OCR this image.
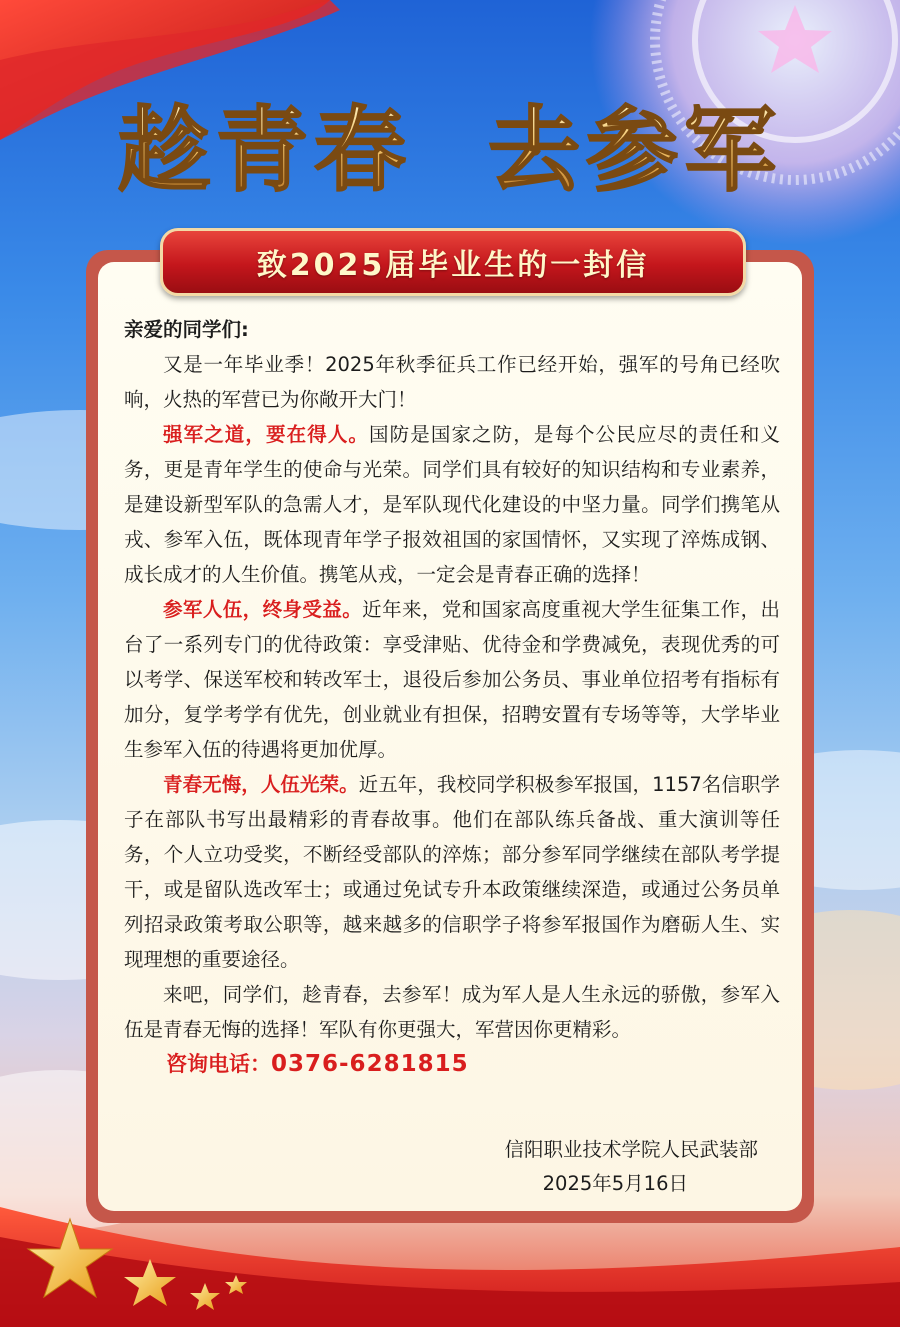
趁青春  去参军
致2025届毕业生的一封信

亲爱的同学们:

又是一年毕业季！2025年秋季征兵工作已经开始，强军的号角已经吹响，火热的军营已为你敞开大门！

强军之道，要在得人。国防是国家之防，是每个公民应尽的责任和义务，更是青年学生的使命与光荣。同学们具有较好的知识结构和专业素养，是建设新型军队的急需人才，是军队现代化建设的中坚力量。同学们携笔从戎、参军入伍，既体现青年学子报效祖国的家国情怀，又实现了淬炼成钢、成长成才的人生价值。携笔从戎，一定会是青春正确的选择！

参军人伍，终身受益。近年来，党和国家高度重视大学生征集工作，出台了一系列专门的优待政策：享受津贴、优待金和学费减免，表现优秀的可以考学、保送军校和转改军士，退役后参加公务员、事业单位招考有指标有加分，复学考学有优先，创业就业有担保，招聘安置有专场等等，大学毕业生参军入伍的待遇将更加优厚。

青春无悔，人伍光荣。近五年，我校同学积极参军报国，1157名信职学子在部队书写出最精彩的青春故事。他们在部队练兵备战、重大演训等任务，个人立功受奖，不断经受部队的淬炼；部分参军同学继续在部队考学提干，或是留队选改军士；或通过免试专升本政策继续深造，或通过公务员单列招录政策考取公职等，越来越多的信职学子将参军报国作为磨砺人生、实现理想的重要途径。

来吧，同学们，趁青春，去参军！成为军人是人生永远的骄傲，参军入伍是青春无悔的选择！军队有你更强大，军营因你更精彩。

咨询电话：0376-6281815

信阳职业技术学院人民武装部
2025年5月16日
